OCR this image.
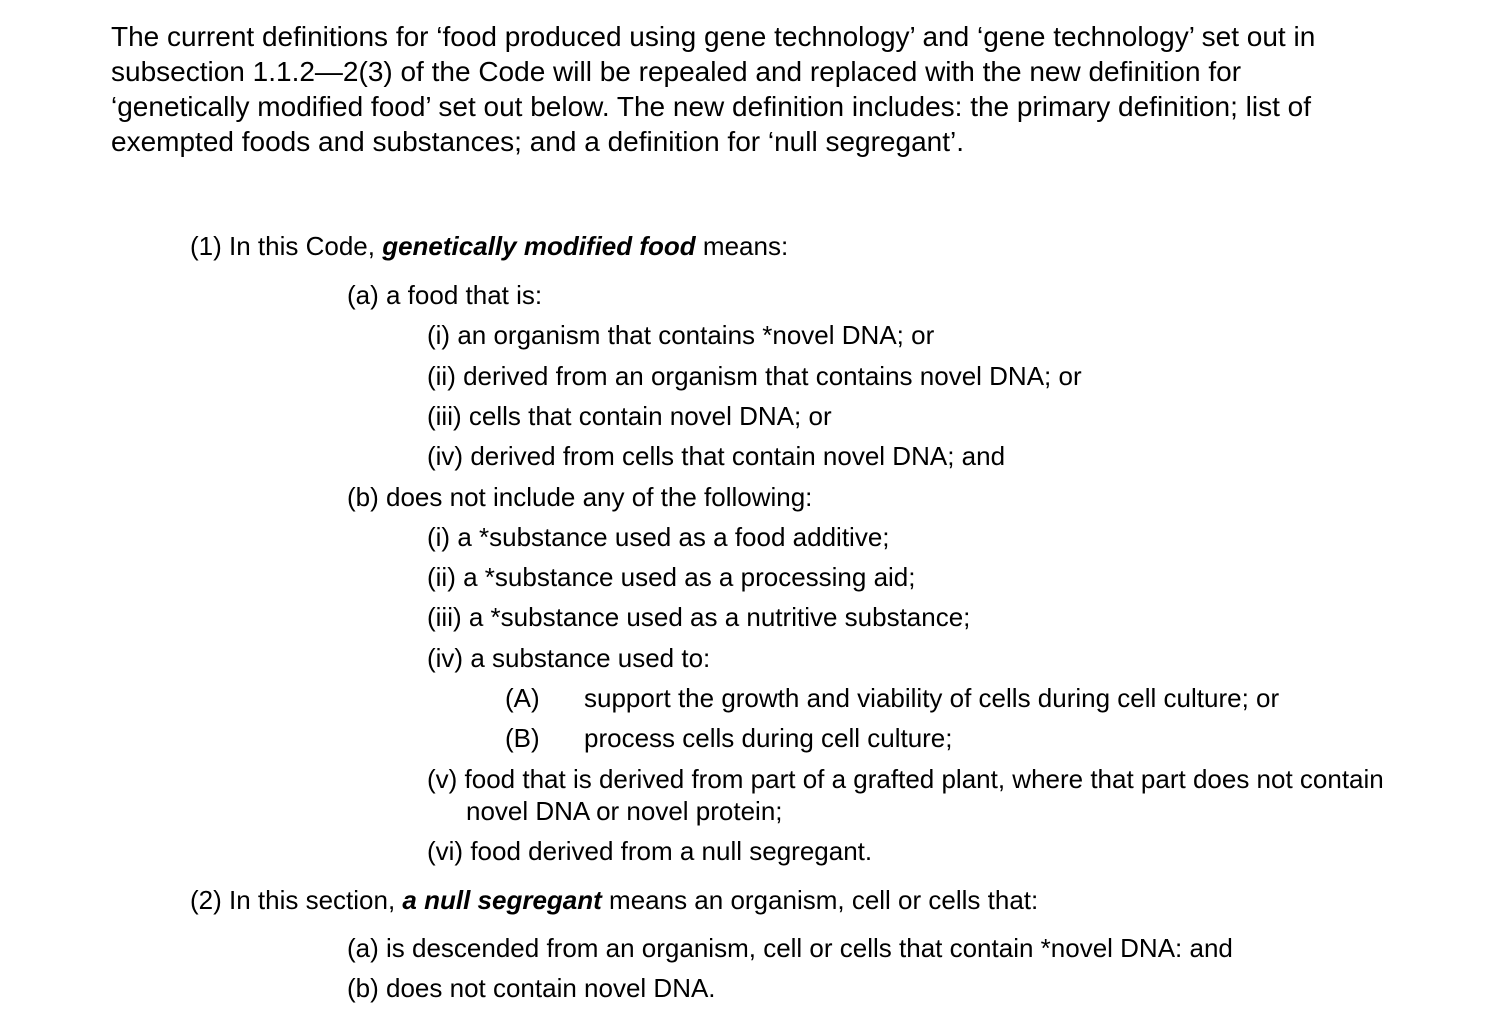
The current definitions for ‘food produced using gene technology’ and ‘gene technology’ set out in subsection 1.1.2—2(3) of the Code will be repealed and replaced with the new definition for ‘genetically modified food’ set out below. The new definition includes: the primary definition; list of exempted foods and substances; and a definition for ‘null segregant’.

(1) In this Code, genetically modified food means:

(a) a food that is:

(i) an organism that contains *novel DNA; or

(ii) derived from an organism that contains novel DNA; or

(iii) cells that contain novel DNA; or

(iv) derived from cells that contain novel DNA; and

(b) does not include any of the following:

(i) a *substance used as a food additive;

(ii) a *substance used as a processing aid;

(iii) a *substance used as a nutritive substance;

(iv) a substance used to:

(A) support the growth and viability of cells during cell culture; or

(B) process cells during cell culture;

(v) food that is derived from part of a grafted plant, where that part does not contain novel DNA or novel protein;

(vi) food derived from a null segregant.

(2) In this section, a null segregant means an organism, cell or cells that:

(a) is descended from an organism, cell or cells that contain *novel DNA: and

(b) does not contain novel DNA.
